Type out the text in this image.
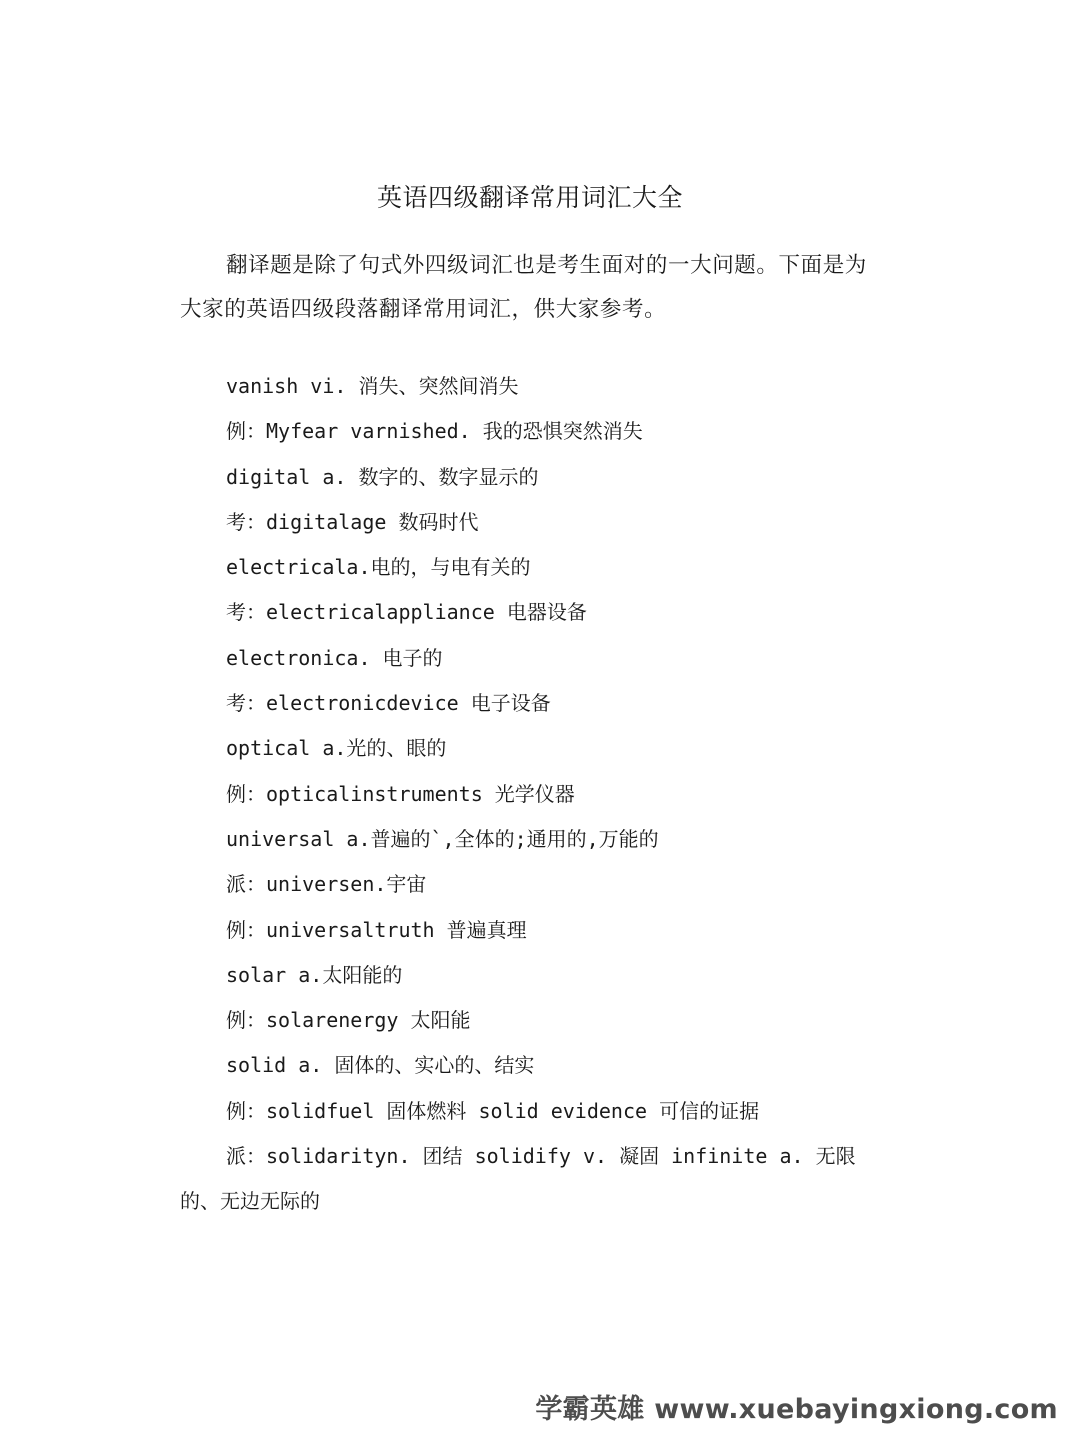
英语四级翻译常用词汇大全
翻译题是除了句式外四级词汇也是考生面对的一大问题。下面是为大家的英语四级段落翻译常用词汇，供大家参考。
vanish vi. 消失、突然间消失
例：Myfear varnished. 我的恐惧突然消失
digital a. 数字的、数字显示的
考：digitalage 数码时代
electricala.电的，与电有关的
考：electricalappliance 电器设备
electronica. 电子的
考：electronicdevice 电子设备
optical a.光的、眼的
例：opticalinstruments 光学仪器
universal a.普遍的`,全体的;通用的,万能的
派：universen.宇宙
例：universaltruth 普遍真理
solar a.太阳能的
例：solarenergy 太阳能
solid a. 固体的、实心的、结实
例：solidfuel 固体燃料 solid evidence 可信的证据
派：solidarityn. 团结 solidify v. 凝固 infinite a. 无限的、无边无际的
学霸英雄 www.xuebayingxiong.com
